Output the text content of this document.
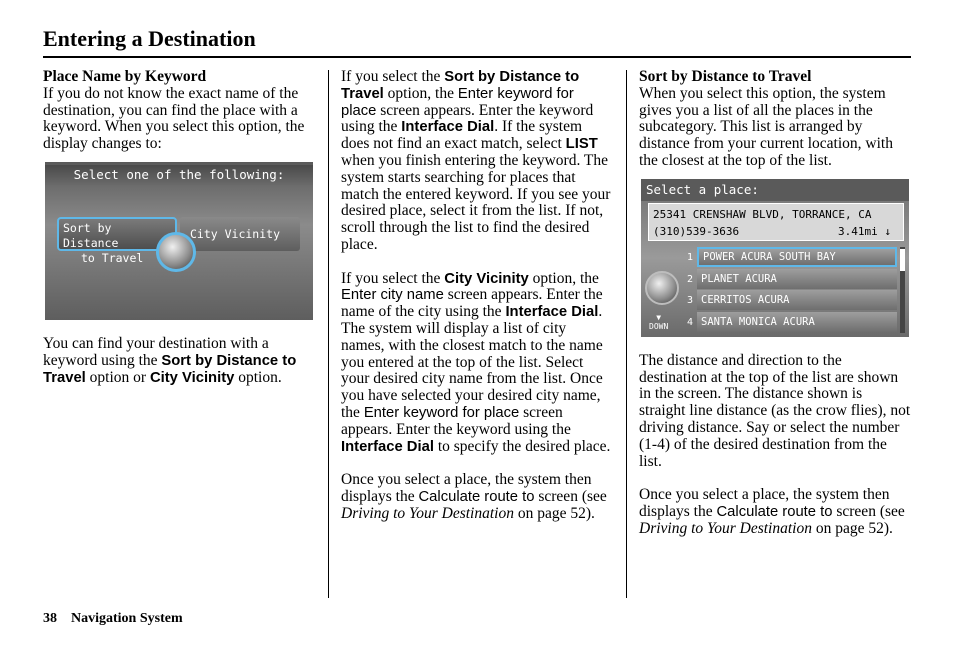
Entering a Destination

Place Name by Keyword

If you do not know the exact name of the destination, you can find the place with a keyword. When you select this option, the display changes to:

Select one of the following:
Sort by Distance
to Travel
City Vicinity

You can find your destination with a keyword using the Sort by Distance to Travel option or City Vicinity option.

If you select the Sort by Distance to Travel option, the Enter keyword for place screen appears. Enter the keyword using the Interface Dial. If the system does not find an exact match, select LIST when you finish entering the keyword. The system starts searching for places that match the entered keyword. If you see your desired place, select it from the list. If not, scroll through the list to find the desired place.

If you select the City Vicinity option, the Enter city name screen appears. Enter the name of the city using the Interface Dial. The system will display a list of city names, with the closest match to the name you entered at the top of the list. Select your desired city name from the list. Once you have selected your desired city name, the Enter keyword for place screen appears. Enter the keyword using the Interface Dial to specify the desired place.

Once you select a place, the system then displays the Calculate route to screen (see Driving to Your Destination on page 52).

Sort by Distance to Travel

When you select this option, the system gives you a list of all the places in the subcategory. This list is arranged by distance from your current location, with the closest at the top of the list.

Select a place:
25341 CRENSHAW BLVD, TORRANCE, CA
(310)539-3636	3.41mi ↓
1 POWER ACURA SOUTH BAY
2 PLANET ACURA
3 CERRITOS ACURA
4 SANTA MONICA ACURA
▼
DOWN

The distance and direction to the destination at the top of the list are shown in the screen. The distance shown is straight line distance (as the crow flies), not driving distance. Say or select the number (1-4) of the desired destination from the list.

Once you select a place, the system then displays the Calculate route to screen (see Driving to Your Destination on page 52).

38 Navigation System
